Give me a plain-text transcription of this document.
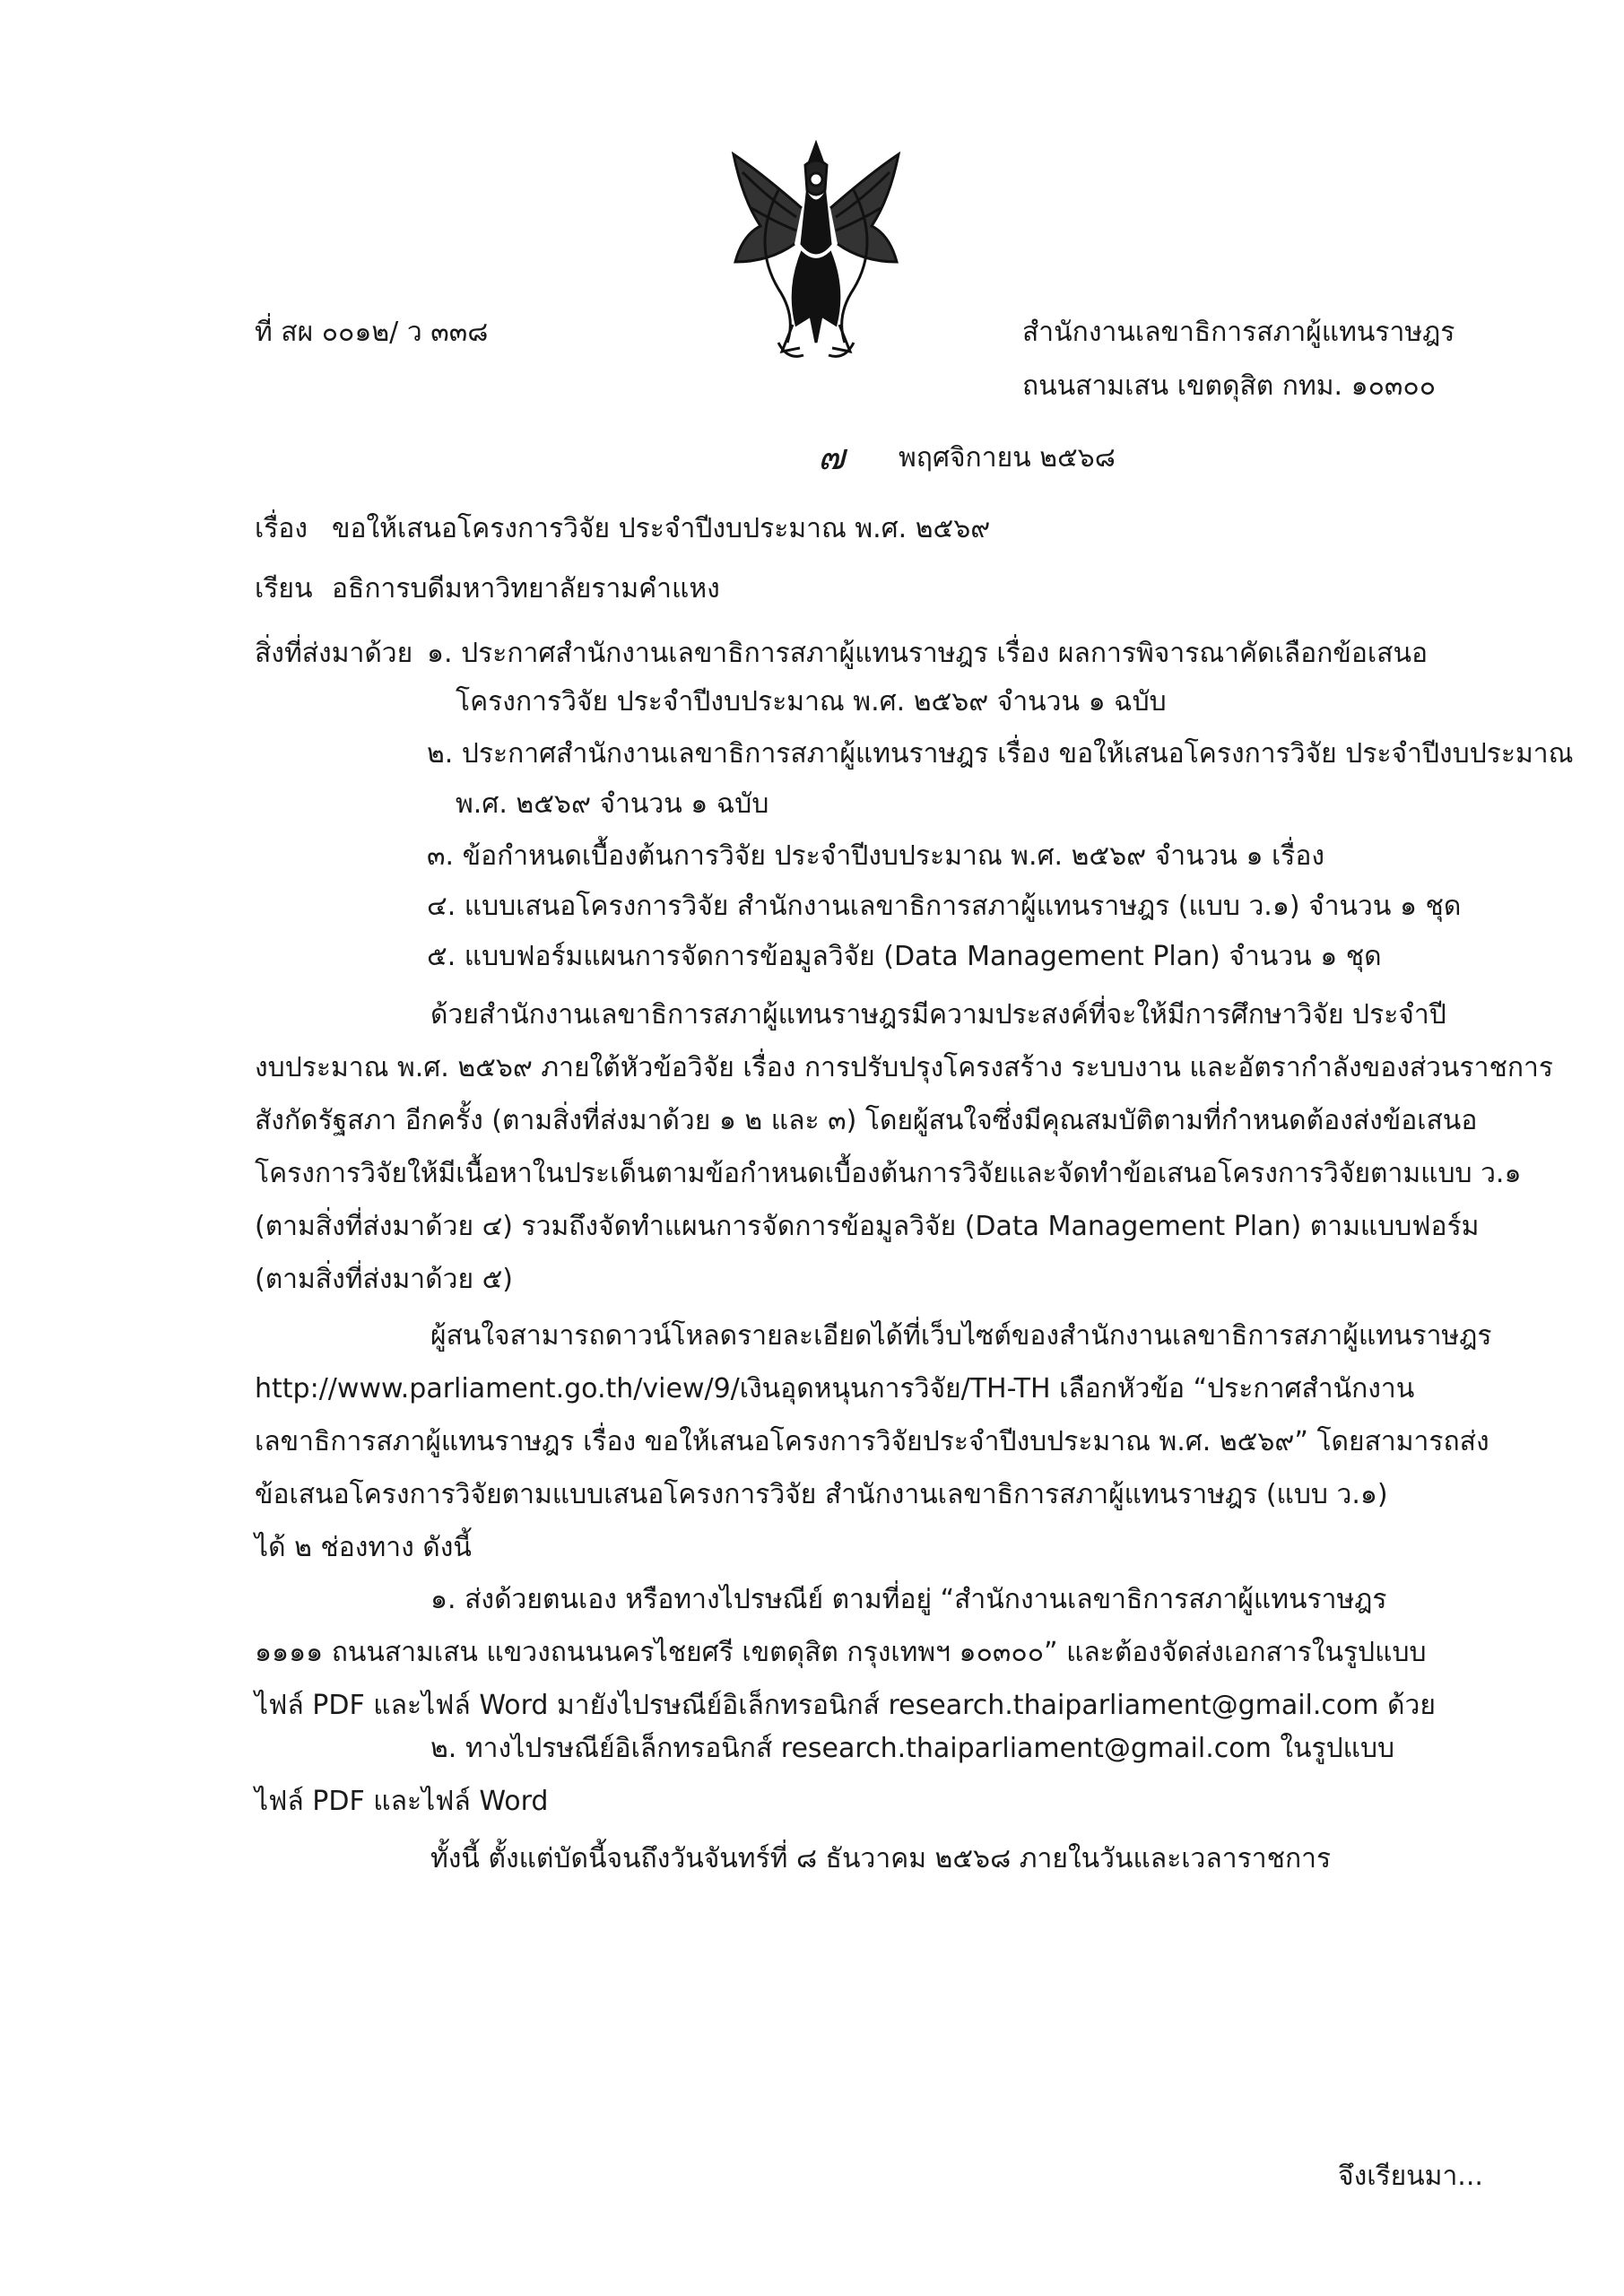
ที่ สผ ๐๐๑๒/ ว ๓๓๘	สำนักงานเลขาธิการสภาผู้แทนราษฎร
ถนนสามเสน เขตดุสิต กทม. ๑๐๓๐๐
๗ พฤศจิกายน ๒๕๖๘
เรื่อง ขอให้เสนอโครงการวิจัย ประจำปีงบประมาณ พ.ศ. ๒๕๖๙
เรียน อธิการบดีมหาวิทยาลัยรามคำแหง
สิ่งที่ส่งมาด้วย ๑. ประกาศสำนักงานเลขาธิการสภาผู้แทนราษฎร เรื่อง ผลการพิจารณาคัดเลือกข้อเสนอ
โครงการวิจัย ประจำปีงบประมาณ พ.ศ. ๒๕๖๙ จำนวน ๑ ฉบับ
๒. ประกาศสำนักงานเลขาธิการสภาผู้แทนราษฎร เรื่อง ขอให้เสนอโครงการวิจัย ประจำปีงบประมาณ
พ.ศ. ๒๕๖๙ จำนวน ๑ ฉบับ
๓. ข้อกำหนดเบื้องต้นการวิจัย ประจำปีงบประมาณ พ.ศ. ๒๕๖๙ จำนวน ๑ เรื่อง
๔. แบบเสนอโครงการวิจัย สำนักงานเลขาธิการสภาผู้แทนราษฎร (แบบ ว.๑) จำนวน ๑ ชุด
๕. แบบฟอร์มแผนการจัดการข้อมูลวิจัย (Data Management Plan) จำนวน ๑ ชุด
ด้วยสำนักงานเลขาธิการสภาผู้แทนราษฎรมีความประสงค์ที่จะให้มีการศึกษาวิจัย ประจำปี
งบประมาณ พ.ศ. ๒๕๖๙ ภายใต้หัวข้อวิจัย เรื่อง การปรับปรุงโครงสร้าง ระบบงาน และอัตรากำลังของส่วนราชการ
สังกัดรัฐสภา อีกครั้ง (ตามสิ่งที่ส่งมาด้วย ๑ ๒ และ ๓) โดยผู้สนใจซึ่งมีคุณสมบัติตามที่กำหนดต้องส่งข้อเสนอ
โครงการวิจัยให้มีเนื้อหาในประเด็นตามข้อกำหนดเบื้องต้นการวิจัยและจัดทำข้อเสนอโครงการวิจัยตามแบบ ว.๑
(ตามสิ่งที่ส่งมาด้วย ๔) รวมถึงจัดทำแผนการจัดการข้อมูลวิจัย (Data Management Plan) ตามแบบฟอร์ม
(ตามสิ่งที่ส่งมาด้วย ๕)
ผู้สนใจสามารถดาวน์โหลดรายละเอียดได้ที่เว็บไซต์ของสำนักงานเลขาธิการสภาผู้แทนราษฎร
http://www.parliament.go.th/view/9/เงินอุดหนุนการวิจัย/TH-TH เลือกหัวข้อ “ประกาศสำนักงาน
เลขาธิการสภาผู้แทนราษฎร เรื่อง ขอให้เสนอโครงการวิจัยประจำปีงบประมาณ พ.ศ. ๒๕๖๙” โดยสามารถส่ง
ข้อเสนอโครงการวิจัยตามแบบเสนอโครงการวิจัย สำนักงานเลขาธิการสภาผู้แทนราษฎร (แบบ ว.๑)
ได้ ๒ ช่องทาง ดังนี้
๑. ส่งด้วยตนเอง หรือทางไปรษณีย์ ตามที่อยู่ “สำนักงานเลขาธิการสภาผู้แทนราษฎร
๑๑๑๑ ถนนสามเสน แขวงถนนนครไชยศรี เขตดุสิต กรุงเทพฯ ๑๐๓๐๐” และต้องจัดส่งเอกสารในรูปแบบ
ไฟล์ PDF และไฟล์ Word มายังไปรษณีย์อิเล็กทรอนิกส์ research.thaiparliament@gmail.com ด้วย
๒. ทางไปรษณีย์อิเล็กทรอนิกส์ research.thaiparliament@gmail.com ในรูปแบบ
ไฟล์ PDF และไฟล์ Word
ทั้งนี้ ตั้งแต่บัดนี้จนถึงวันจันทร์ที่ ๘ ธันวาคม ๒๕๖๘ ภายในวันและเวลาราชการ
จึงเรียนมา...
